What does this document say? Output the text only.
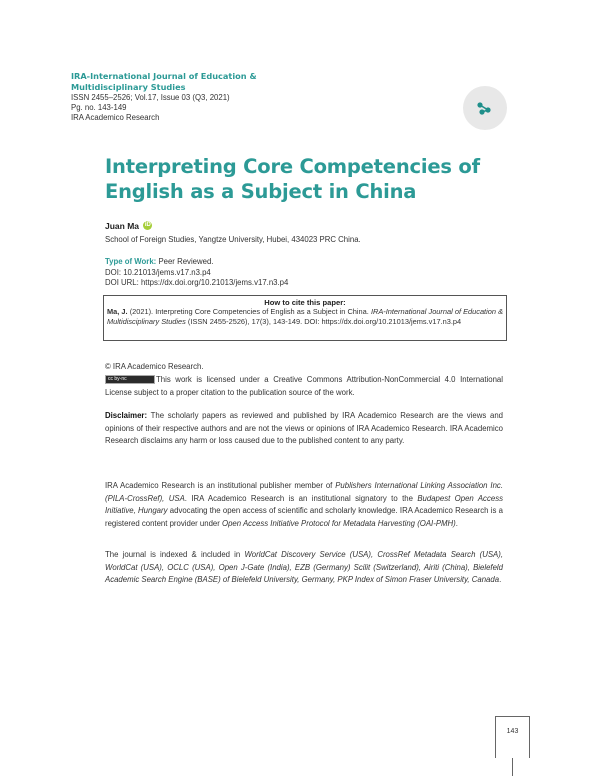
IRA-International Journal of Education & Multidisciplinary Studies
ISSN 2455–2526; Vol.17, Issue 03 (Q3, 2021)
Pg. no. 143-149
IRA Academico Research
Interpreting Core Competencies of English as a Subject in China
Juan Ma iD
School of Foreign Studies, Yangtze University, Hubei, 434023 PRC China.
Type of Work: Peer Reviewed.
DOI: 10.21013/jems.v17.n3.p4
DOI URL: https://dx.doi.org/10.21013/jems.v17.n3.p4
How to cite this paper:
Ma, J. (2021). Interpreting Core Competencies of English as a Subject in China. IRA-International Journal of Education & Multidisciplinary Studies (ISSN 2455-2526), 17(3), 143-149. DOI: https://dx.doi.org/10.21013/jems.v17.n3.p4
© IRA Academico Research.
cc by-nc	This work is licensed under a Creative Commons Attribution-NonCommercial 4.0 International License subject to a proper citation to the publication source of the work.
Disclaimer: The scholarly papers as reviewed and published by IRA Academico Research are the views and opinions of their respective authors and are not the views or opinions of IRA Academico Research. IRA Academico Research disclaims any harm or loss caused due to the published content to any party.
IRA Academico Research is an institutional publisher member of Publishers International Linking Association Inc. (PILA-CrossRef), USA. IRA Academico Research is an institutional signatory to the Budapest Open Access Initiative, Hungary advocating the open access of scientific and scholarly knowledge. IRA Academico Research is a registered content provider under Open Access Initiative Protocol for Metadata Harvesting (OAI-PMH).
The journal is indexed & included in WorldCat Discovery Service (USA), CrossRef Metadata Search (USA), WorldCat (USA), OCLC (USA), Open J-Gate (India), EZB (Germany) Scilit (Switzerland), Airiti (China), Bielefeld Academic Search Engine (BASE) of Bielefeld University, Germany, PKP Index of Simon Fraser University, Canada.
143
